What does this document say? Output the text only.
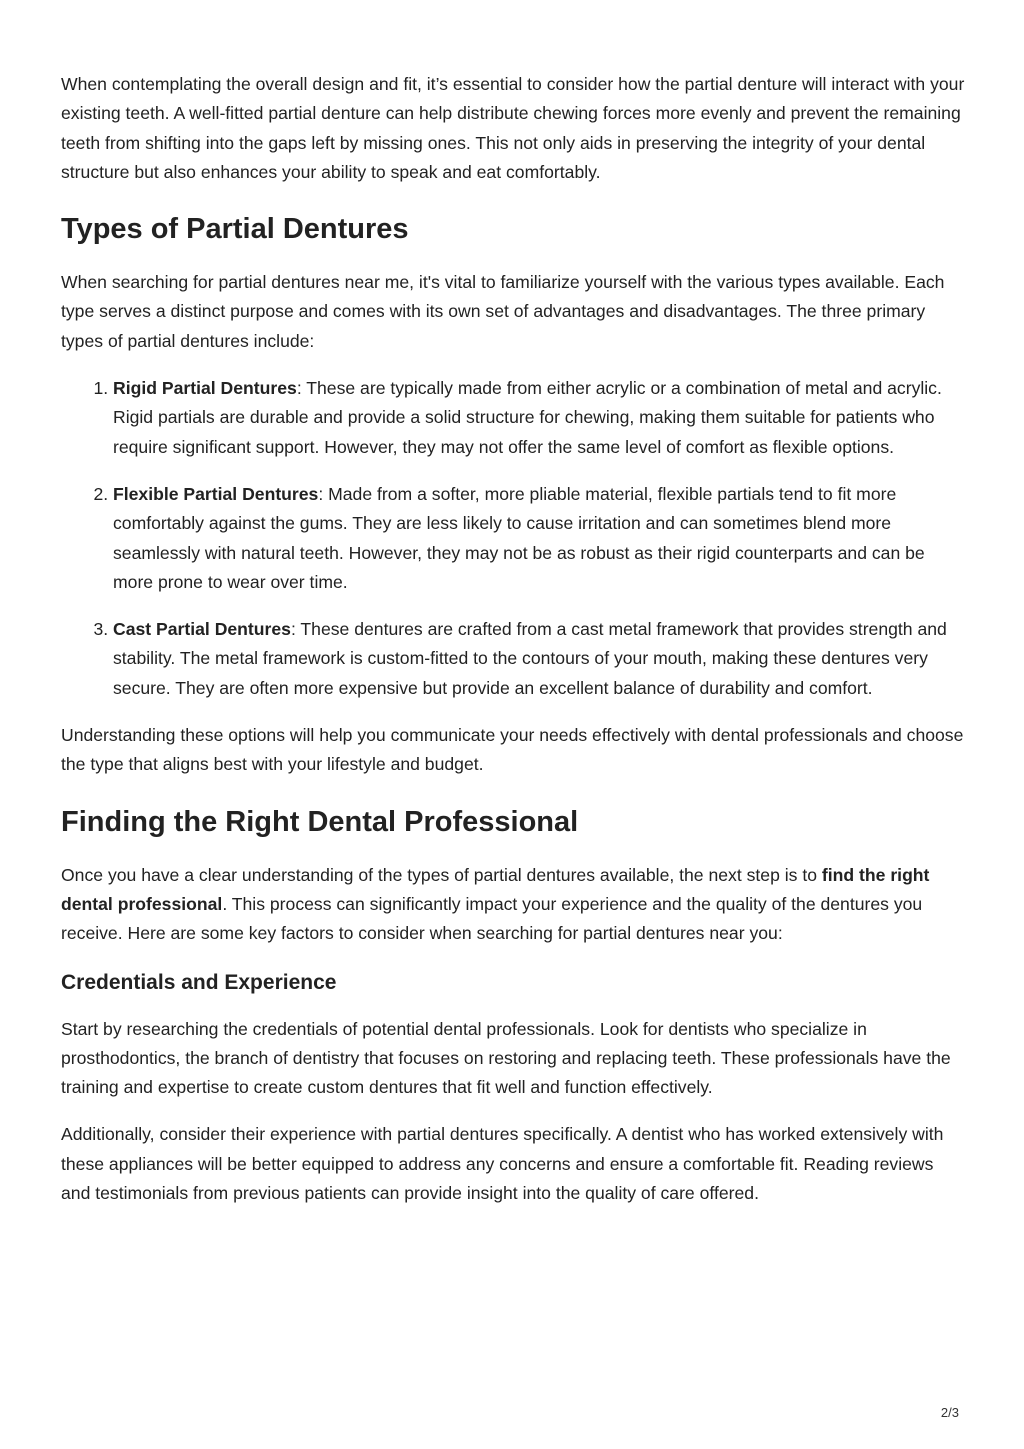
When contemplating the overall design and fit, it’s essential to consider how the partial denture will interact with your existing teeth. A well-fitted partial denture can help distribute chewing forces more evenly and prevent the remaining teeth from shifting into the gaps left by missing ones. This not only aids in preserving the integrity of your dental structure but also enhances your ability to speak and eat comfortably.

Types of Partial Dentures

When searching for partial dentures near me, it's vital to familiarize yourself with the various types available. Each type serves a distinct purpose and comes with its own set of advantages and disadvantages. The three primary types of partial dentures include:

1. Rigid Partial Dentures: These are typically made from either acrylic or a combination of metal and acrylic. Rigid partials are durable and provide a solid structure for chewing, making them suitable for patients who require significant support. However, they may not offer the same level of comfort as flexible options.
2. Flexible Partial Dentures: Made from a softer, more pliable material, flexible partials tend to fit more comfortably against the gums. They are less likely to cause irritation and can sometimes blend more seamlessly with natural teeth. However, they may not be as robust as their rigid counterparts and can be more prone to wear over time.
3. Cast Partial Dentures: These dentures are crafted from a cast metal framework that provides strength and stability. The metal framework is custom-fitted to the contours of your mouth, making these dentures very secure. They are often more expensive but provide an excellent balance of durability and comfort.

Understanding these options will help you communicate your needs effectively with dental professionals and choose the type that aligns best with your lifestyle and budget.

Finding the Right Dental Professional

Once you have a clear understanding of the types of partial dentures available, the next step is to find the right dental professional. This process can significantly impact your experience and the quality of the dentures you receive. Here are some key factors to consider when searching for partial dentures near you:

Credentials and Experience

Start by researching the credentials of potential dental professionals. Look for dentists who specialize in prosthodontics, the branch of dentistry that focuses on restoring and replacing teeth. These professionals have the training and expertise to create custom dentures that fit well and function effectively.

Additionally, consider their experience with partial dentures specifically. A dentist who has worked extensively with these appliances will be better equipped to address any concerns and ensure a comfortable fit. Reading reviews and testimonials from previous patients can provide insight into the quality of care offered.

2/3
